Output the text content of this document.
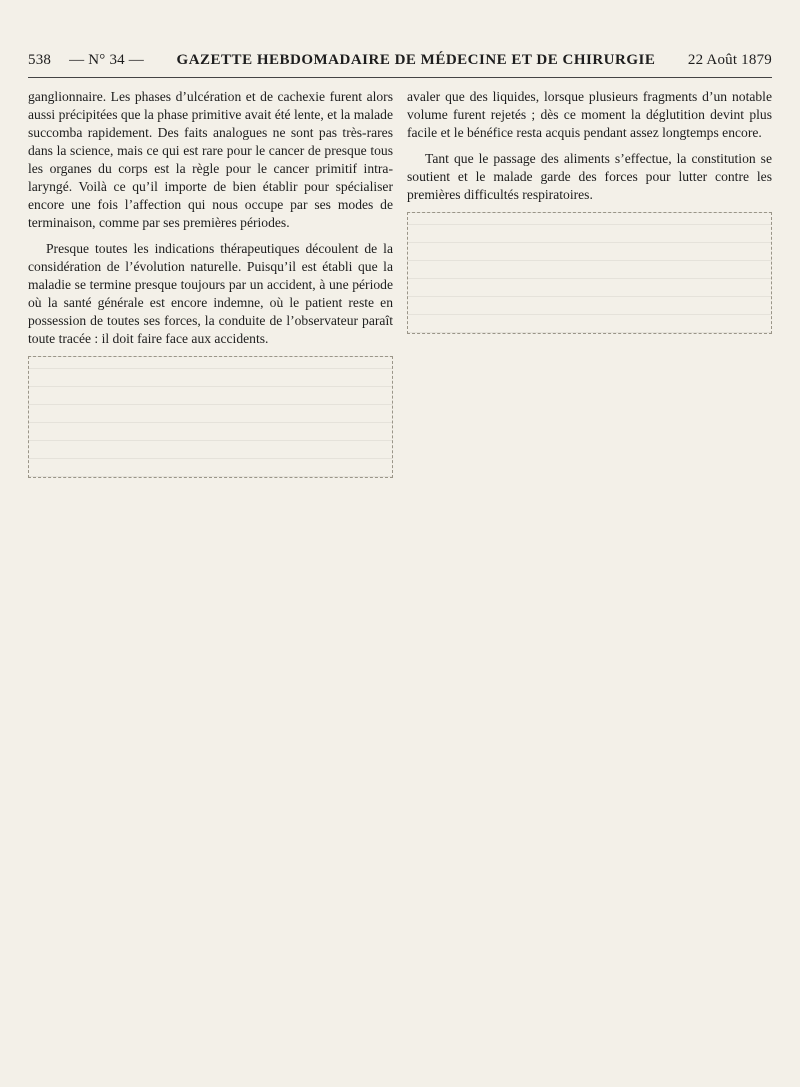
538 — N° 34 — GAZETTE HEBDOMADAIRE DE MÉDECINE ET DE CHIRURGIE 22 Août 1879

ganglionnaire. Les phases d’ulcération et de cachexie furent alors aussi précipitées que la phase primitive avait été lente, et la malade succomba rapidement. Des faits analogues ne sont pas très-rares dans la science, mais ce qui est rare pour le cancer de presque tous les organes du corps est la règle pour le cancer primitif intra-laryngé. Voilà ce qu’il importe de bien établir pour spécialiser encore une fois l’affection qui nous occupe par ses modes de terminaison, comme par ses premières périodes.

Presque toutes les indications thérapeutiques découlent de la considération de l’évolution naturelle. Puisqu’il est établi que la maladie se termine presque toujours par un accident, à une période où la santé générale est encore indemne, où le patient reste en possession de toutes ses forces, la conduite de l’observateur paraît toute tracée : il doit faire face aux accidents.

avaler que des liquides, lorsque plusieurs fragments d’un notable volume furent rejetés ; dès ce moment la déglutition devint plus facile et le bénéfice resta acquis pendant assez longtemps encore.

Tant que le passage des aliments s’effectue, la constitution se soutient et le malade garde des forces pour lutter contre les premières difficultés respiratoires.
